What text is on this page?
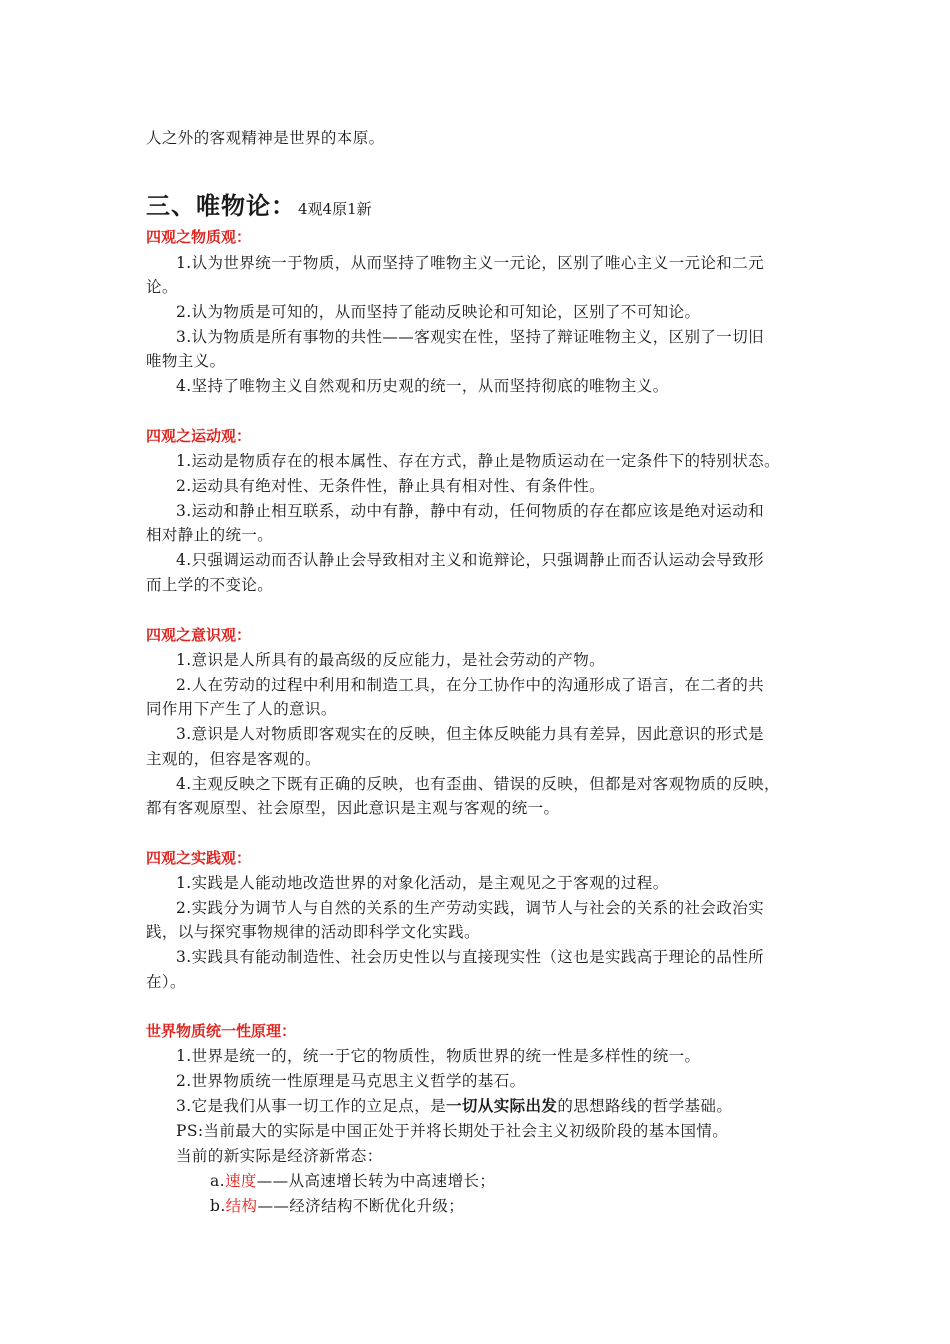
人之外的客观精神是世界的本原。
三、唯物论： 4观4原1新
四观之物质观：
1.认为世界统一于物质，从而坚持了唯物主义一元论，区别了唯心主义一元论和二元
论。
2.认为物质是可知的，从而坚持了能动反映论和可知论，区别了不可知论。
3.认为物质是所有事物的共性——客观实在性，坚持了辩证唯物主义，区别了一切旧
唯物主义。
4.坚持了唯物主义自然观和历史观的统一，从而坚持彻底的唯物主义。
四观之运动观：
1.运动是物质存在的根本属性、存在方式，静止是物质运动在一定条件下的特别状态。
2.运动具有绝对性、无条件性，静止具有相对性、有条件性。
3.运动和静止相互联系，动中有静，静中有动，任何物质的存在都应该是绝对运动和
相对静止的统一。
4.只强调运动而否认静止会导致相对主义和诡辩论，只强调静止而否认运动会导致形
而上学的不变论。
四观之意识观：
1.意识是人所具有的最高级的反应能力，是社会劳动的产物。
2.人在劳动的过程中利用和制造工具，在分工协作中的沟通形成了语言，在二者的共
同作用下产生了人的意识。
3.意识是人对物质即客观实在的反映，但主体反映能力具有差异，因此意识的形式是
主观的，但容是客观的。
4.主观反映之下既有正确的反映，也有歪曲、错误的反映，但都是对客观物质的反映，
都有客观原型、社会原型，因此意识是主观与客观的统一。
四观之实践观：
1.实践是人能动地改造世界的对象化活动，是主观见之于客观的过程。
2.实践分为调节人与自然的关系的生产劳动实践，调节人与社会的关系的社会政治实
践，以与探究事物规律的活动即科学文化实践。
3.实践具有能动制造性、社会历史性以与直接现实性（这也是实践高于理论的品性所
在）。
世界物质统一性原理：
1.世界是统一的，统一于它的物质性，物质世界的统一性是多样性的统一。
2.世界物质统一性原理是马克思主义哲学的基石。
3.它是我们从事一切工作的立足点，是一切从实际出发的思想路线的哲学基础。
PS:当前最大的实际是中国正处于并将长期处于社会主义初级阶段的基本国情。
当前的新实际是经济新常态：
a.速度——从高速增长转为中高速增长；
b.结构——经济结构不断优化升级；
